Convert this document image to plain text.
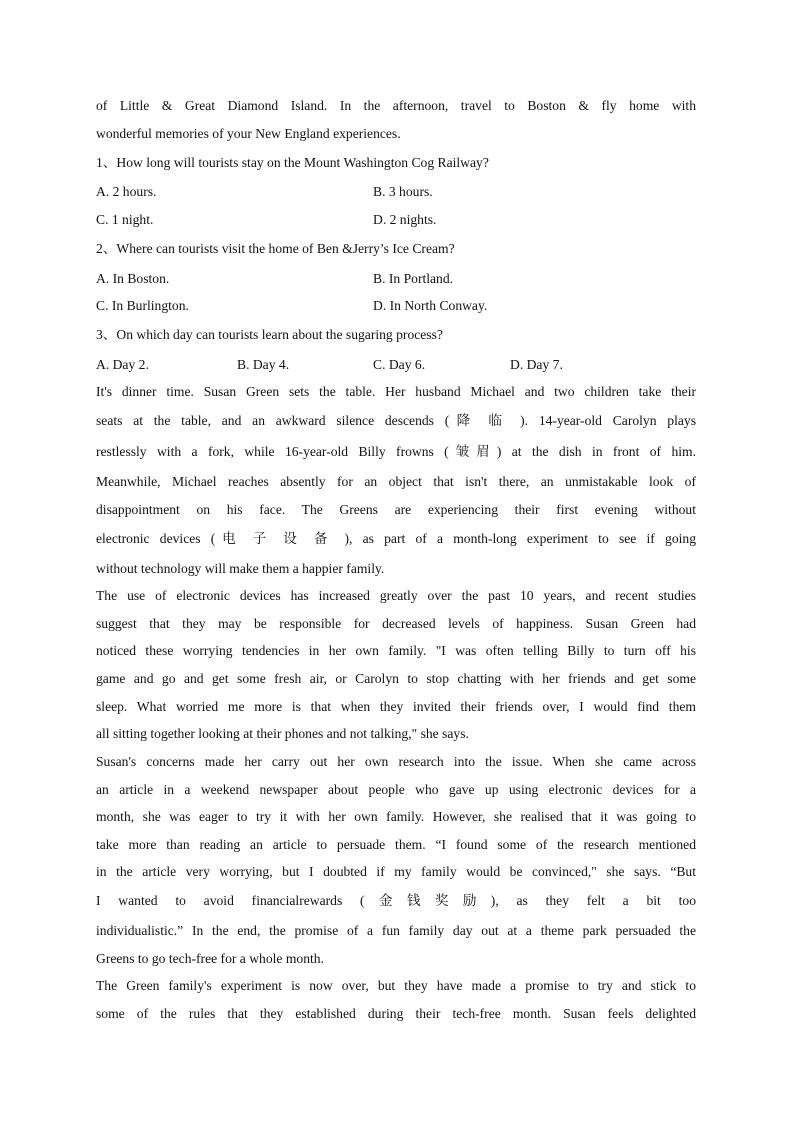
of Little & Great Diamond Island. In the afternoon, travel to Boston & fly home with
wonderful memories of your New England experiences.
1、How long will tourists stay on the Mount Washington Cog Railway?
A. 2 hours.	B. 3 hours.
C. 1 night.	D. 2 nights.
2、Where can tourists visit the home of Ben &Jerry’s Ice Cream?
A. In Boston.	B. In Portland.
C. In Burlington.	D. In North Conway.
3、On which day can tourists learn about the sugaring process?
A. Day 2.	B. Day 4.	C. Day 6.	D. Day 7.
It's dinner time. Susan Green sets the table. Her husband Michael and two children take their
seats at the table, and an awkward silence descends (降 临 ). 14-year-old Carolyn plays
restlessly with a fork, while 16-year-old Billy frowns (皱眉) at the dish in front of him.
Meanwhile, Michael reaches absently for an object that isn't there, an unmistakable look of
disappointment on his face. The Greens are experiencing their first evening without
electronic devices (电 子 设 备 ), as part of a month-long experiment to see if going
without technology will make them a happier family.
The use of electronic devices has increased greatly over the past 10 years, and recent studies
suggest that they may be responsible for decreased levels of happiness. Susan Green had
noticed these worrying tendencies in her own family. "I was often telling Billy to turn off his
game and go and get some fresh air, or Carolyn to stop chatting with her friends and get some
sleep. What worried me more is that when they invited their friends over, I would find them
all sitting together looking at their phones and not talking," she says.
Susan's concerns made her carry out her own research into the issue. When she came across
an article in a weekend newspaper about people who gave up using electronic devices for a
month, she was eager to try it with her own family. However, she realised that it was going to
take more than reading an article to persuade them. “I found some of the research mentioned
in the article very worrying, but I doubted if my family would be convinced," she says. “But
I wanted to avoid financialrewards (金钱奖励), as they felt a bit too
individualistic.” In the end, the promise of a fun family day out at a theme park persuaded the
Greens to go tech-free for a whole month.
The Green family's experiment is now over, but they have made a promise to try and stick to
some of the rules that they established during their tech-free month. Susan feels delighted
